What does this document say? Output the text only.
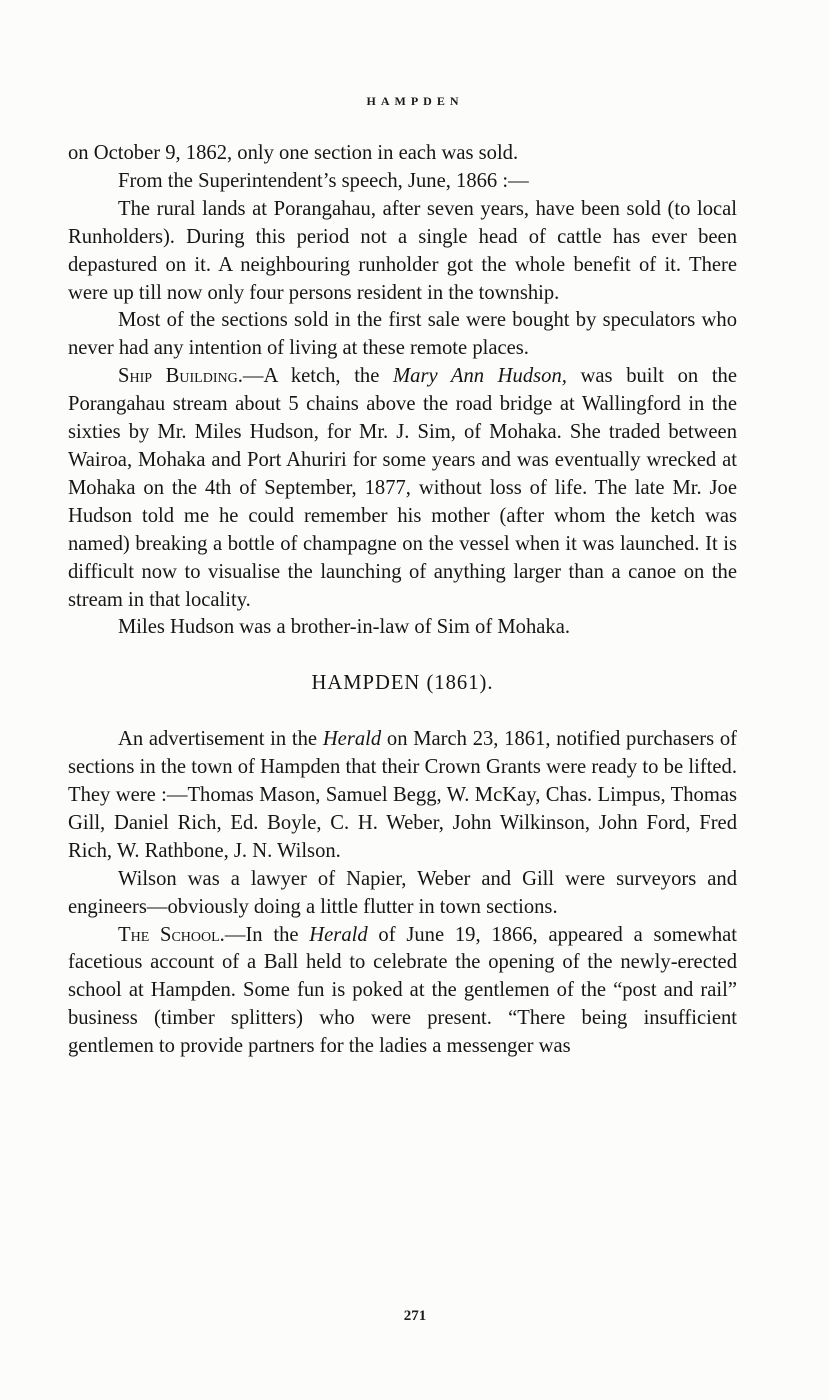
HAMPDEN

on October 9, 1862, only one section in each was sold.

From the Superintendent’s speech, June, 1866 :—

The rural lands at Porangahau, after seven years, have been sold (to local Runholders). During this period not a single head of cattle has ever been depastured on it. A neighbouring runholder got the whole benefit of it. There were up till now only four persons resident in the township.

Most of the sections sold in the first sale were bought by speculators who never had any intention of living at these remote places.

Ship Building.—A ketch, the Mary Ann Hudson, was built on the Porangahau stream about 5 chains above the road bridge at Wallingford in the sixties by Mr. Miles Hudson, for Mr. J. Sim, of Mohaka. She traded between Wairoa, Mohaka and Port Ahuriri for some years and was eventually wrecked at Mohaka on the 4th of September, 1877, without loss of life. The late Mr. Joe Hudson told me he could remember his mother (after whom the ketch was named) breaking a bottle of champagne on the vessel when it was launched. It is difficult now to visualise the launching of anything larger than a canoe on the stream in that locality.

Miles Hudson was a brother-in-law of Sim of Mohaka.

HAMPDEN (1861).

An advertisement in the Herald on March 23, 1861, notified purchasers of sections in the town of Hampden that their Crown Grants were ready to be lifted. They were :—Thomas Mason, Samuel Begg, W. McKay, Chas. Limpus, Thomas Gill, Daniel Rich, Ed. Boyle, C. H. Weber, John Wilkinson, John Ford, Fred Rich, W. Rathbone, J. N. Wilson.

Wilson was a lawyer of Napier, Weber and Gill were surveyors and engineers—obviously doing a little flutter in town sections.

The School.—In the Herald of June 19, 1866, appeared a somewhat facetious account of a Ball held to celebrate the opening of the newly-erected school at Hampden. Some fun is poked at the gentlemen of the “post and rail” business (timber splitters) who were present. “There being insufficient gentlemen to provide partners for the ladies a messenger was

271
